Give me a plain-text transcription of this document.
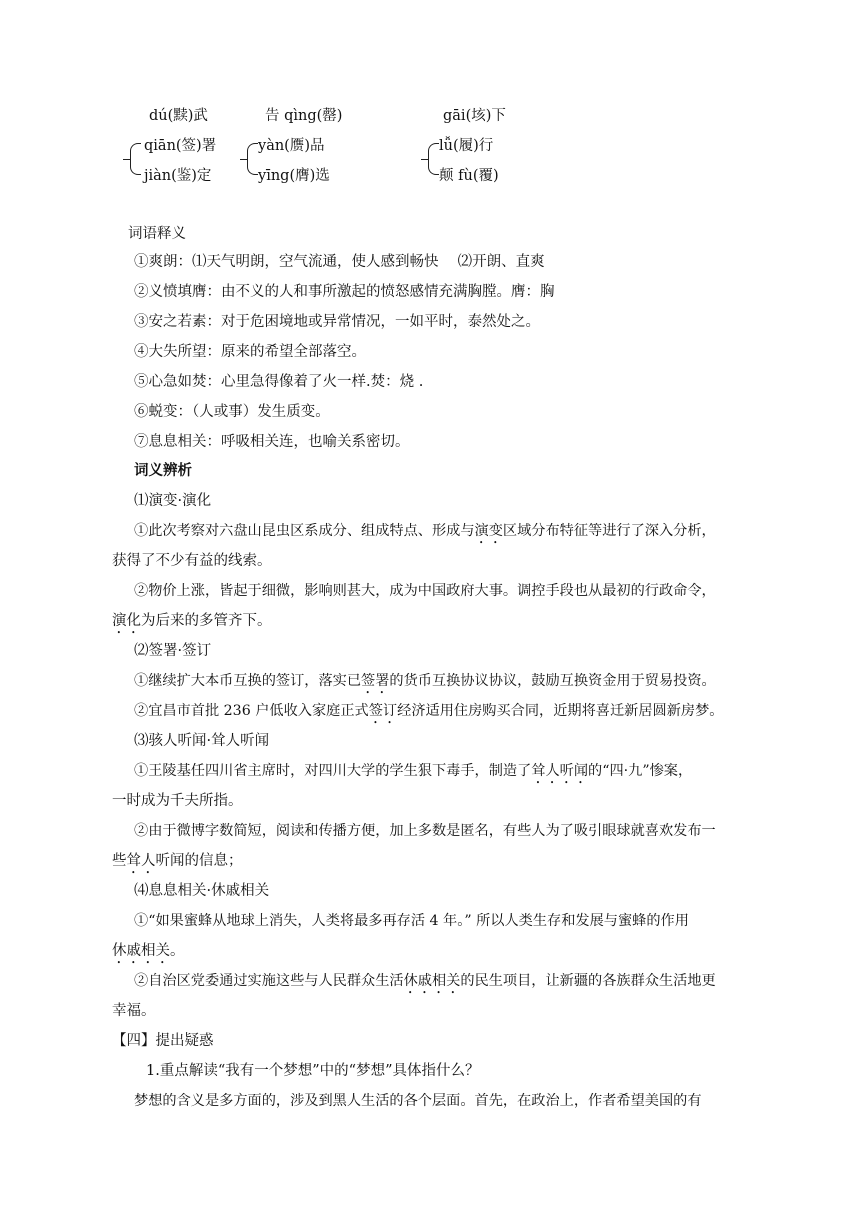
dú(黩)武	告 qìng(罄)	gāi(垓)下
qiān(签)署
jiàn(鉴)定
yàn(赝)品
yīng(膺)选
lǚ(履)行
颠 fù(覆)
词语释义
①爽朗：⑴天气明朗，空气流通，使人感到畅快　 ⑵开朗、直爽
②义愤填膺：由不义的人和事所激起的愤怒感情充满胸膛。膺：胸
③安之若素：对于危困境地或异常情况，一如平时，泰然处之。
④大失所望：原来的希望全部落空。
⑤心急如焚：心里急得像着了火一样.焚：烧 .
⑥蜕变：（人或事）发生质变。
⑦息息相关：呼吸相关连，也喻关系密切。
词义辨析
⑴演变·演化
①此次考察对六盘山昆虫区系成分、组成特点、形成与演变区域分布特征等进行了深入分析，
获得了不少有益的线索。
②物价上涨，皆起于细微，影响则甚大，成为中国政府大事。调控手段也从最初的行政命令，
演化为后来的多管齐下。
⑵签署·签订
①继续扩大本币互换的签订，落实已签署的货币互换协议协议，鼓励互换资金用于贸易投资。
②宜昌市首批 236 户低收入家庭正式签订经济适用住房购买合同，近期将喜迁新居圆新房梦。
⑶骇人听闻·耸人听闻
①王陵基任四川省主席时，对四川大学的学生狠下毒手，制造了耸人听闻的“四·九”惨案，
一时成为千夫所指。
②由于微博字数简短，阅读和传播方便，加上多数是匿名，有些人为了吸引眼球就喜欢发布一
些耸人听闻的信息；
⑷息息相关·休戚相关
①“如果蜜蜂从地球上消失，人类将最多再存活 4 年。” 所以人类生存和发展与蜜蜂的作用
休戚相关。
②自治区党委通过实施这些与人民群众生活休戚相关的民生项目，让新疆的各族群众生活地更
幸福。
【四】提出疑惑
1.重点解读“我有一个梦想”中的“梦想”具体指什么？
梦想的含义是多方面的，涉及到黑人生活的各个层面。首先，在政治上，作者希望美国的有
